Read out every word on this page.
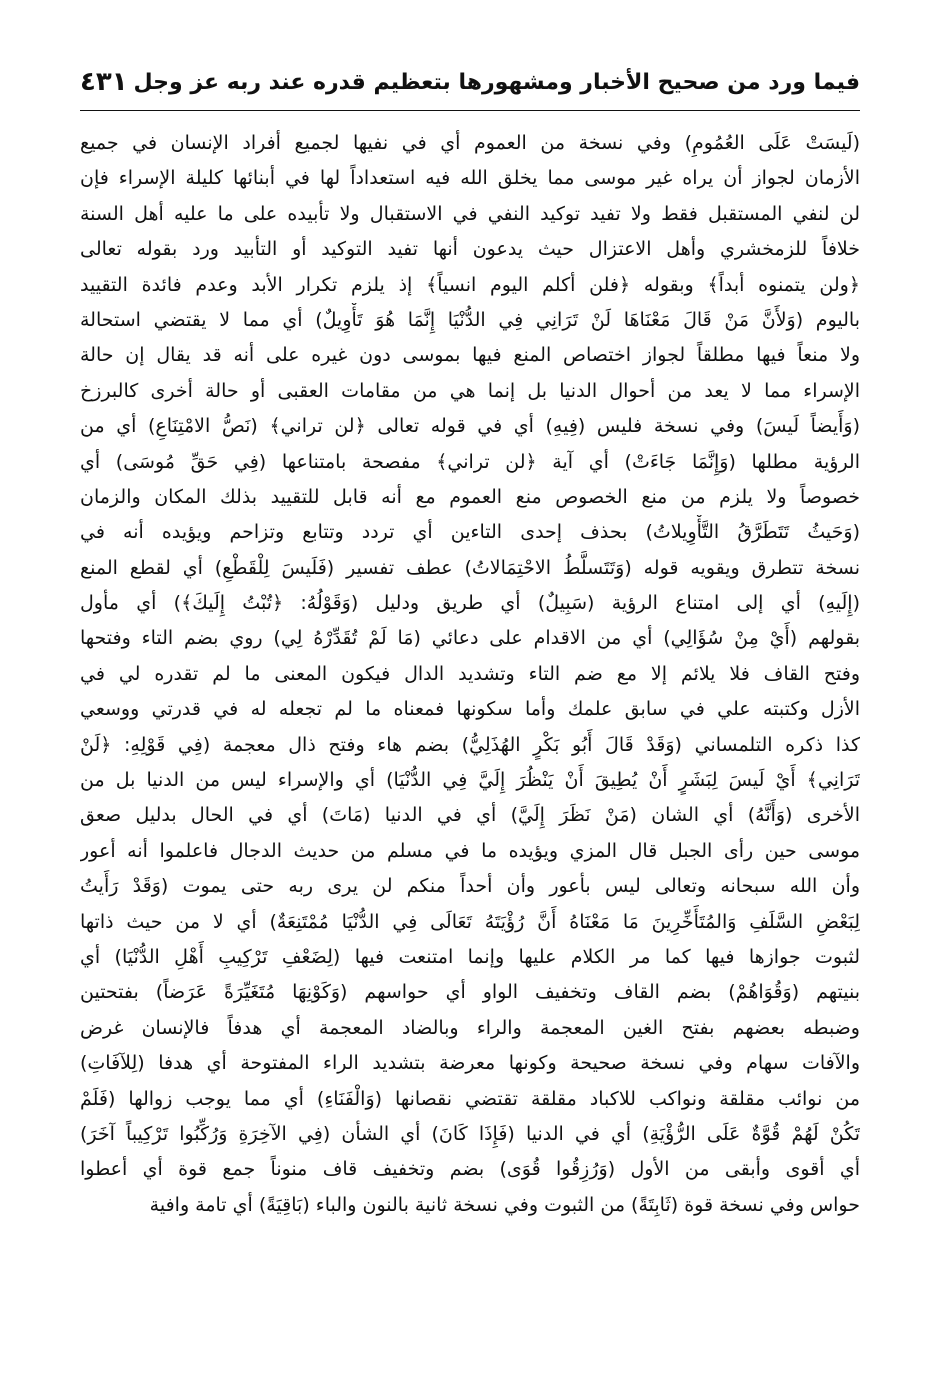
٤٣١ فيما ورد من صحيح الأخبار ومشهورها بتعظيم قدره عند ربه عز وجل
(لَيسَتْ عَلَى العُمُومِ) وفي نسخة من العموم أي في نفيها لجميع أفراد الإنسان في جميع
الأزمان لجواز أن يراه غير موسى مما يخلق الله فيه استعداداً لها في أبنائها كليلة الإسراء فإن
لن لنفي المستقبل فقط ولا تفيد توكيد النفي في الاستقبال ولا تأبيده على ما عليه أهل السنة
خلافاً للزمخشري وأهل الاعتزال حيث يدعون أنها تفيد التوكيد أو التأبيد ورد بقوله تعالى
﴿ولن يتمنوه أبداً﴾ وبقوله ﴿فلن أكلم اليوم انسياً﴾ إذ يلزم تكرار الأبد وعدم فائدة التقييد
باليوم (وَلأَنَّ مَنْ قَالَ مَعْنَاهَا لَنْ تَرَانِي فِي الدُّنْيَا إِنَّمَا هُوَ تَأْوِيلٌ) أي مما لا يقتضي استحالة
ولا منعاً فيها مطلقاً لجواز اختصاص المنع فيها بموسى دون غيره على أنه قد يقال إن حالة
الإسراء مما لا يعد من أحوال الدنيا بل إنما هي من مقامات العقبى أو حالة أخرى كالبرزخ
(وَأَيضاً لَيسَ) وفي نسخة فليس (فِيهِ) أي في قوله تعالى ﴿لن تراني﴾ (نَصُّ الامْتِنَاعِ) أي من
الرؤية مطلها (وَإِنَّمَا جَاءَتْ) أي آية ﴿لن تراني﴾ مفصحة بامتناعها (فِي حَقِّ مُوسَى) أي
خصوصاً ولا يلزم من منع الخصوص منع العموم مع أنه قابل للتقييد بذلك المكان والزمان
(وَحَيثُ تَتَطَرَّقُ التَّأْوِيلاتُ) بحذف إحدى التاءين أي تردد وتتابع وتزاحم ويؤيده أنه في
نسخة تتطرق ويقويه قوله (وَتَتَسلَّطُ الاحْتِمَالاتُ) عطف تفسير (فَلَيسَ لِلْقَطْعِ) أي لقطع المنع
(إِلَيهِ) أي إلى امتناع الرؤية (سَبِيلٌ) أي طريق ودليل (وَقَوْلُهُ: ﴿تُبْتُ إِلَيكَ﴾) أي مأول
بقولهم (أَيْ مِنْ سُؤَالِي) أي من الاقدام على دعائي (مَا لَمْ تُقَدِّرْهُ لِي) روي بضم التاء وفتحها
وفتح القاف فلا يلائم إلا مع ضم التاء وتشديد الدال فيكون المعنى ما لم تقدره لي في
الأزل وكتبته علي في سابق علمك وأما سكونها فمعناه ما لم تجعله له في قدرتي ووسعي
كذا ذكره التلمساني (وَقَدْ قَالَ أَبُو بَكْرٍ الهُذَلِيُّ) بضم هاء وفتح ذال معجمة (فِي قَوْلِهِ: ﴿لَنْ
تَرَانِي﴾ أَيْ لَيسَ لِبَشَرٍ أَنْ يُطِيقَ أَنْ يَنْظُرَ إِلَيَّ فِي الدُّنْيَا) أي والإسراء ليس من الدنيا بل من
الأخرى (وَأَنَّهُ) أي الشان (مَنْ نَظَرَ إِلَيَّ) أي في الدنيا (مَاتَ) أي في الحال بدليل صعق
موسى حين رأى الجبل قال المزي ويؤيده ما في مسلم من حديث الدجال فاعلموا أنه أعور
وأن الله سبحانه وتعالى ليس بأعور وأن أحداً منكم لن يرى ربه حتى يموت (وَقَدْ رَأَيتُ
لِبَعْضِ السَّلَفِ وَالمُتَأَخِّرِينَ مَا مَعْنَاهُ أَنَّ رُؤْيَتَهُ تَعَالَى فِي الدُّنْيَا مُمْتَنِعَةٌ) أي لا من حيث ذاتها
لثبوت جوازها فيها كما مر الكلام عليها وإنما امتنعت فيها (لِضَعْفِ تَرْكِيبِ أَهْلِ الدُّنْيَا) أي
بنيتهم (وَقُوَاهُمْ) بضم القاف وتخفيف الواو أي حواسهم (وَكَوْنِهَا مُتَغَيِّرَةً عَرَضاً) بفتحتين
وضبطه بعضهم بفتح الغين المعجمة والراء وبالضاد المعجمة أي هدفاً فالإنسان غرض
والآفات سهام وفي نسخة صحيحة وكونها معرضة بتشديد الراء المفتوحة أي هدفا (لِلآفَاتِ)
من نوائب مقلقة ونواكب للاكباد مقلقة تقتضي نقصانها (وَالْفَنَاءِ) أي مما يوجب زوالها (فَلَمْ
تَكُنْ لَهُمْ قُوَّةٌ عَلَى الرُّؤْيَةِ) أي في الدنيا (فَإِذَا كَانَ) أي الشأن (فِي الآخِرَةِ وَرُكِّبُوا تَرْكِيباً آخَرَ)
أي أقوى وأبقى من الأول (وَرُزِقُوا قُوَى) بضم وتخفيف قاف منوناً جمع قوة أي أعطوا
حواس وفي نسخة قوة (ثَابِتَةً) من الثبوت وفي نسخة ثانية بالنون والباء (بَاقِيَةً) أي تامة وافية
